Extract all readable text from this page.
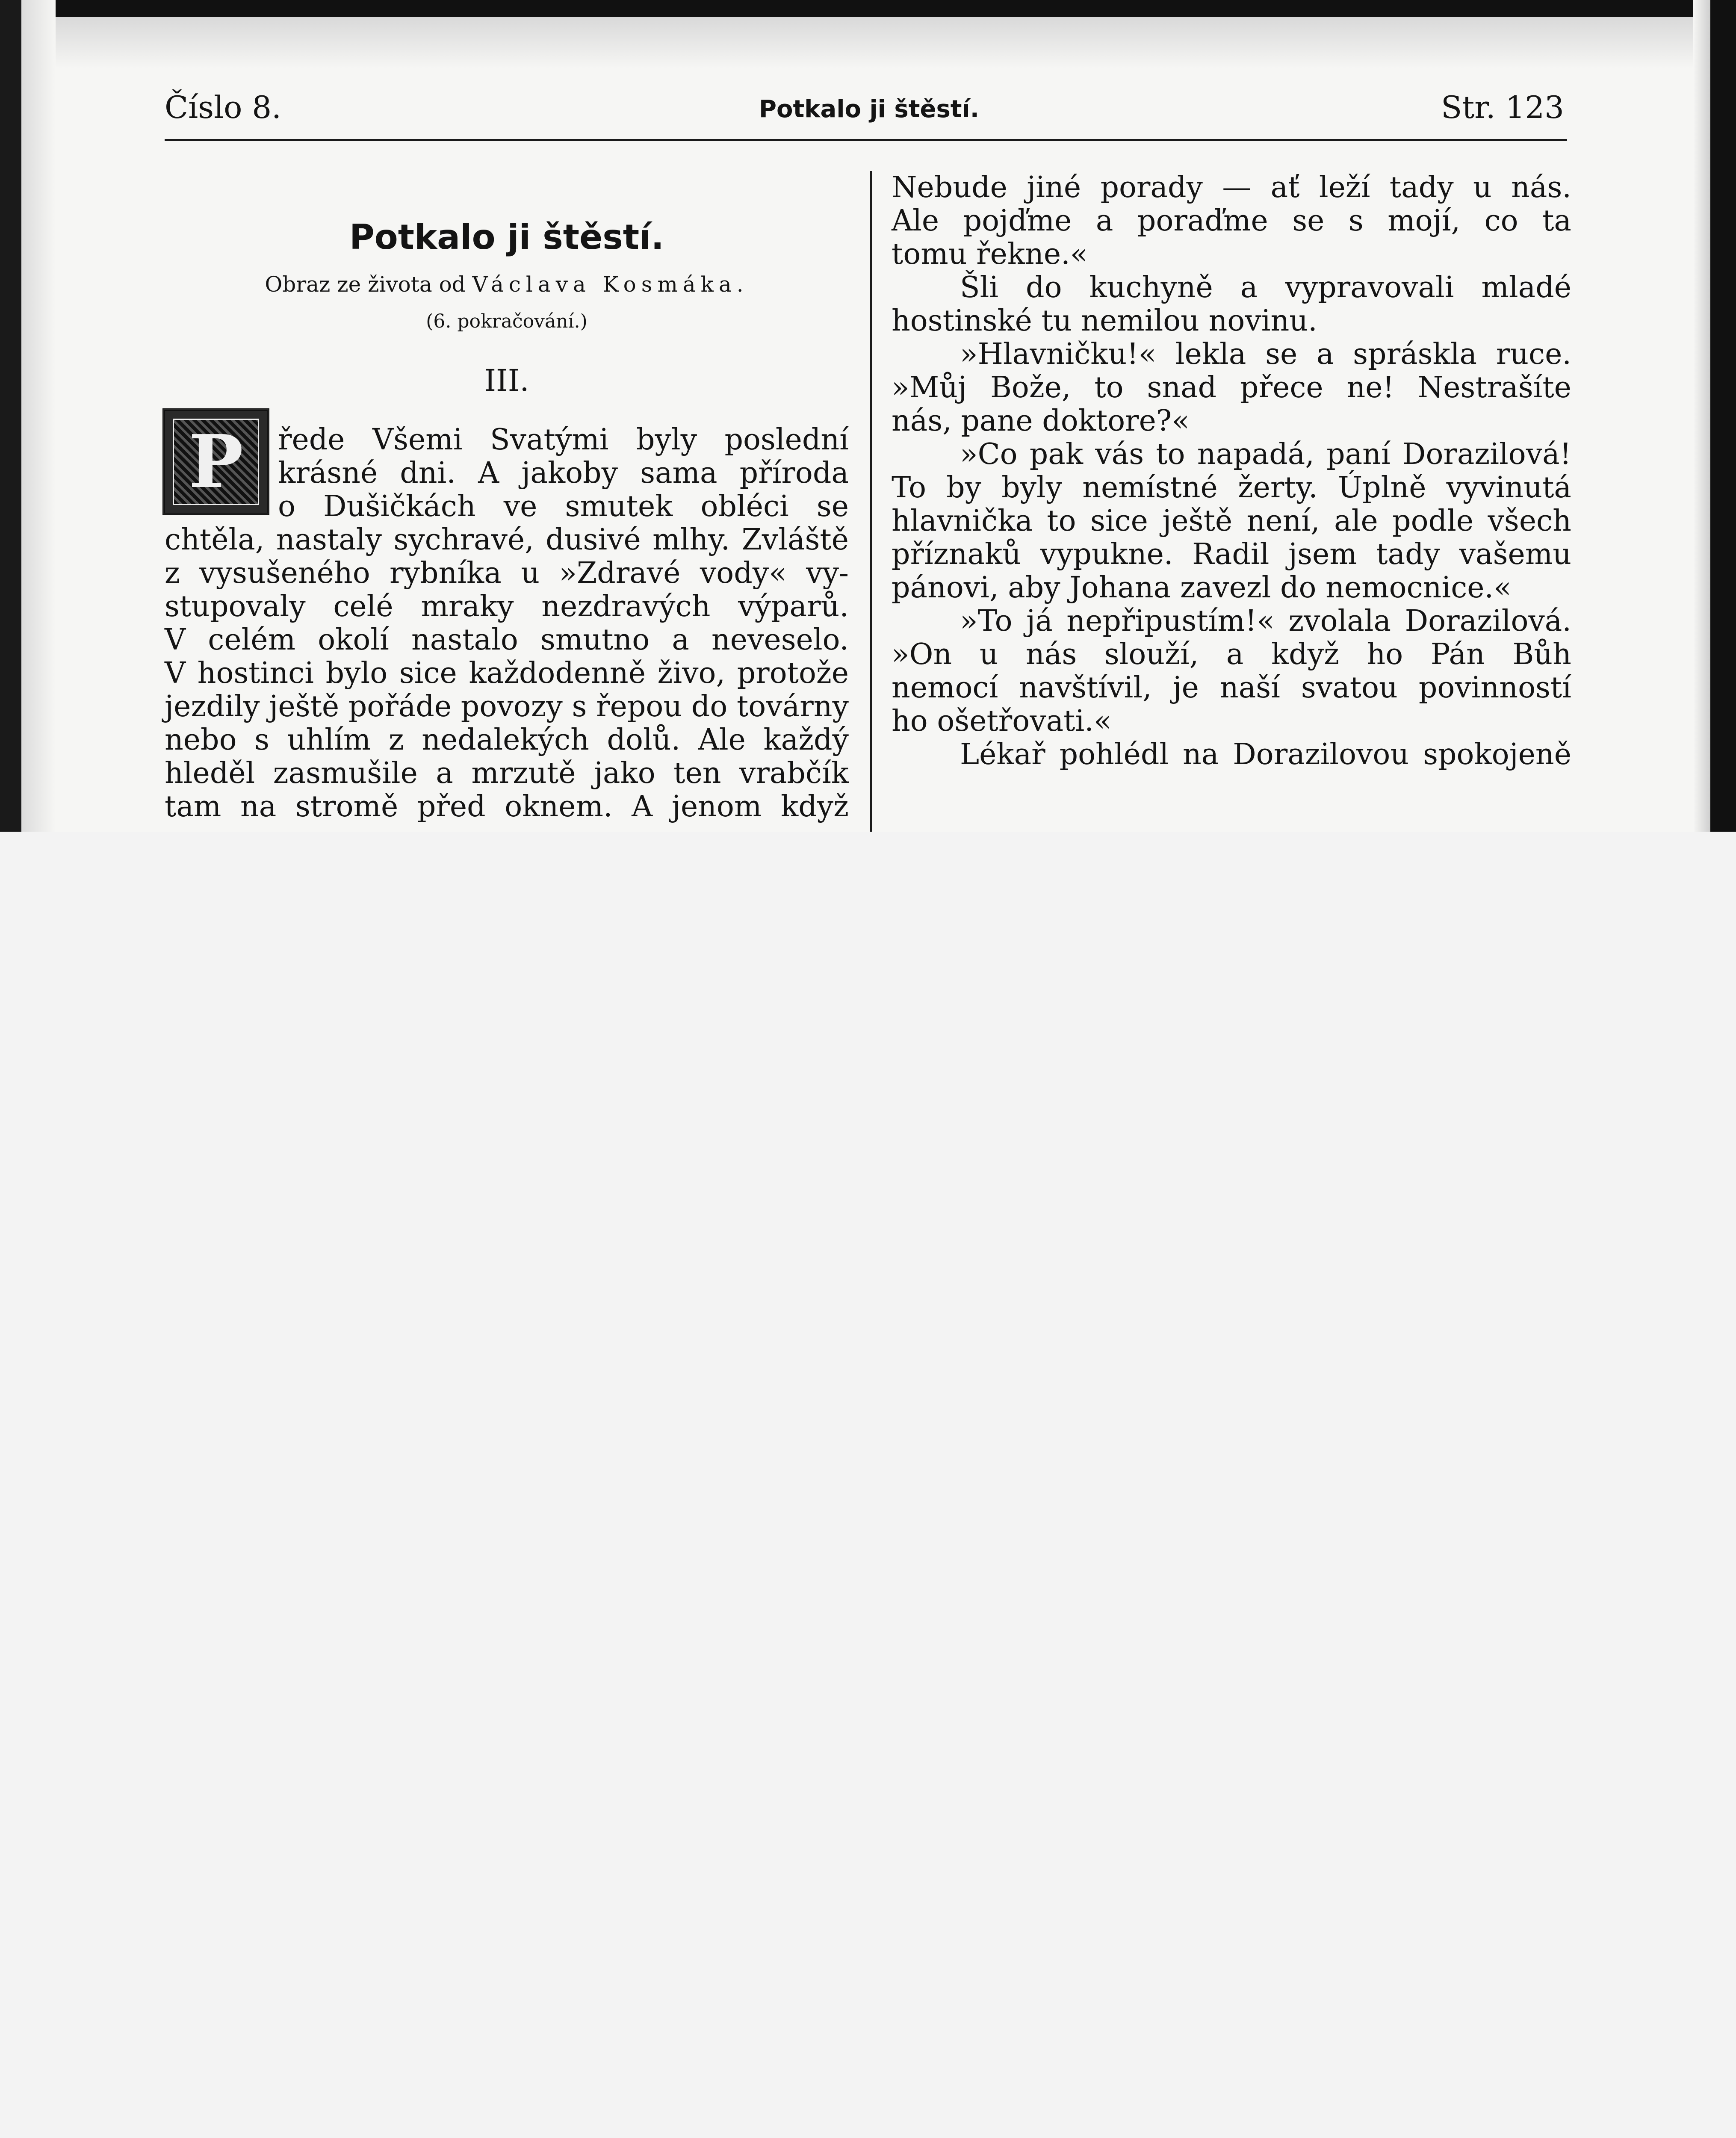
Číslo 8.	Potkalo ji štěstí.	Str. 123
Potkalo ji štěstí.
Obraz ze života od Václava Kosmáka.
(6. pokračování.)
III.
P	řede Všemi Svatými byly poslední
krásné dni. A jakoby sama příroda
o Dušičkách ve smutek obléci se
chtěla, nastaly sychravé, dusivé mlhy. Zvláště
z vysušeného rybníka u »Zdravé vody« vy-
stupovaly celé mraky nezdravých výparů.
V celém okolí nastalo smutno a neveselo.
V hostinci bylo sice každodenně živo, protože
jezdily ještě pořáde povozy s řepou do továrny
nebo s uhlím z nedalekých dolů. Ale každý
hleděl zasmušile a mrzutě jako ten vrabčík
tam na stromě před oknem. A jenom když
Nebude jiné porady — ať leží tady u nás.
Ale pojďme a poraďme se s mojí, co ta
tomu řekne.«
Šli do kuchyně a vypravovali mladé
hostinské tu nemilou novinu.
»Hlavničku!« lekla se a spráskla ruce.
»Můj Bože, to snad přece ne! Nestrašíte
nás, pane doktore?«
»Co pak vás to napadá, paní Dorazilová!
To by byly nemístné žerty. Úplně vyvinutá
hlavnička to sice ještě není, ale podle všech
příznaků vypukne. Radil jsem tady vašemu
pánovi, aby Johana zavezl do nemocnice.«
»To já nepřipustím!« zvolala Dorazilová.
»On u nás slouží, a když ho Pán Bůh
nemocí navštívil, je naší svatou povinností
ho ošetřovati.«
Lékař pohlédl na Dorazilovou spokojeně
